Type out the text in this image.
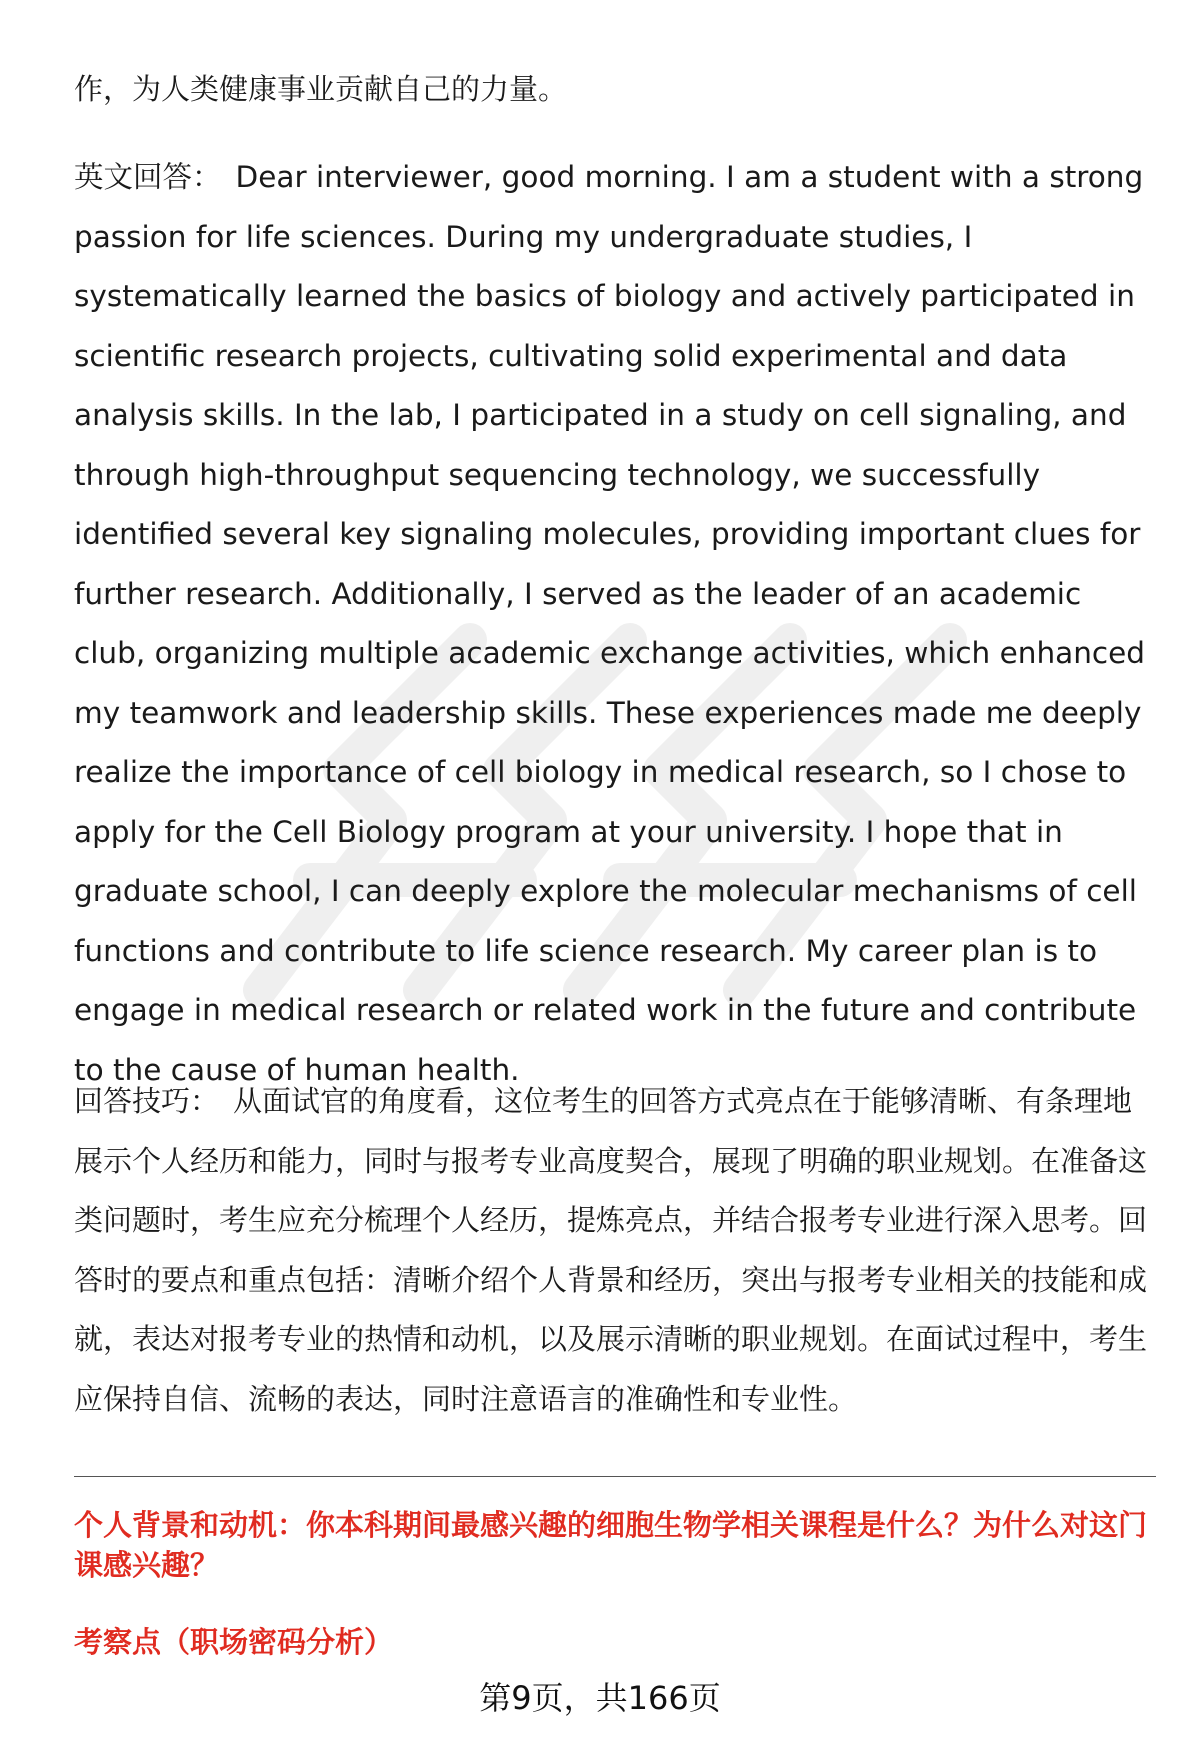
作，为人类健康事业贡献自己的力量。

英文回答： Dear interviewer, good morning. I am a student with a strong passion for life sciences. During my undergraduate studies, I systematically learned the basics of biology and actively participated in scientific research projects, cultivating solid experimental and data analysis skills. In the lab, I participated in a study on cell signaling, and through high-throughput sequencing technology, we successfully identified several key signaling molecules, providing important clues for further research. Additionally, I served as the leader of an academic club, organizing multiple academic exchange activities, which enhanced my teamwork and leadership skills. These experiences made me deeply realize the importance of cell biology in medical research, so I chose to apply for the Cell Biology program at your university. I hope that in graduate school, I can deeply explore the molecular mechanisms of cell functions and contribute to life science research. My career plan is to engage in medical research or related work in the future and contribute to the cause of human health.

回答技巧： 从面试官的角度看，这位考生的回答方式亮点在于能够清晰、有条理地展示个人经历和能力，同时与报考专业高度契合，展现了明确的职业规划。在准备这类问题时，考生应充分梳理个人经历，提炼亮点，并结合报考专业进行深入思考。回答时的要点和重点包括：清晰介绍个人背景和经历，突出与报考专业相关的技能和成就，表达对报考专业的热情和动机，以及展示清晰的职业规划。在面试过程中，考生应保持自信、流畅的表达，同时注意语言的准确性和专业性。

个人背景和动机：你本科期间最感兴趣的细胞生物学相关课程是什么？为什么对这门课感兴趣？
考察点（职场密码分析）
第9页，共166页
